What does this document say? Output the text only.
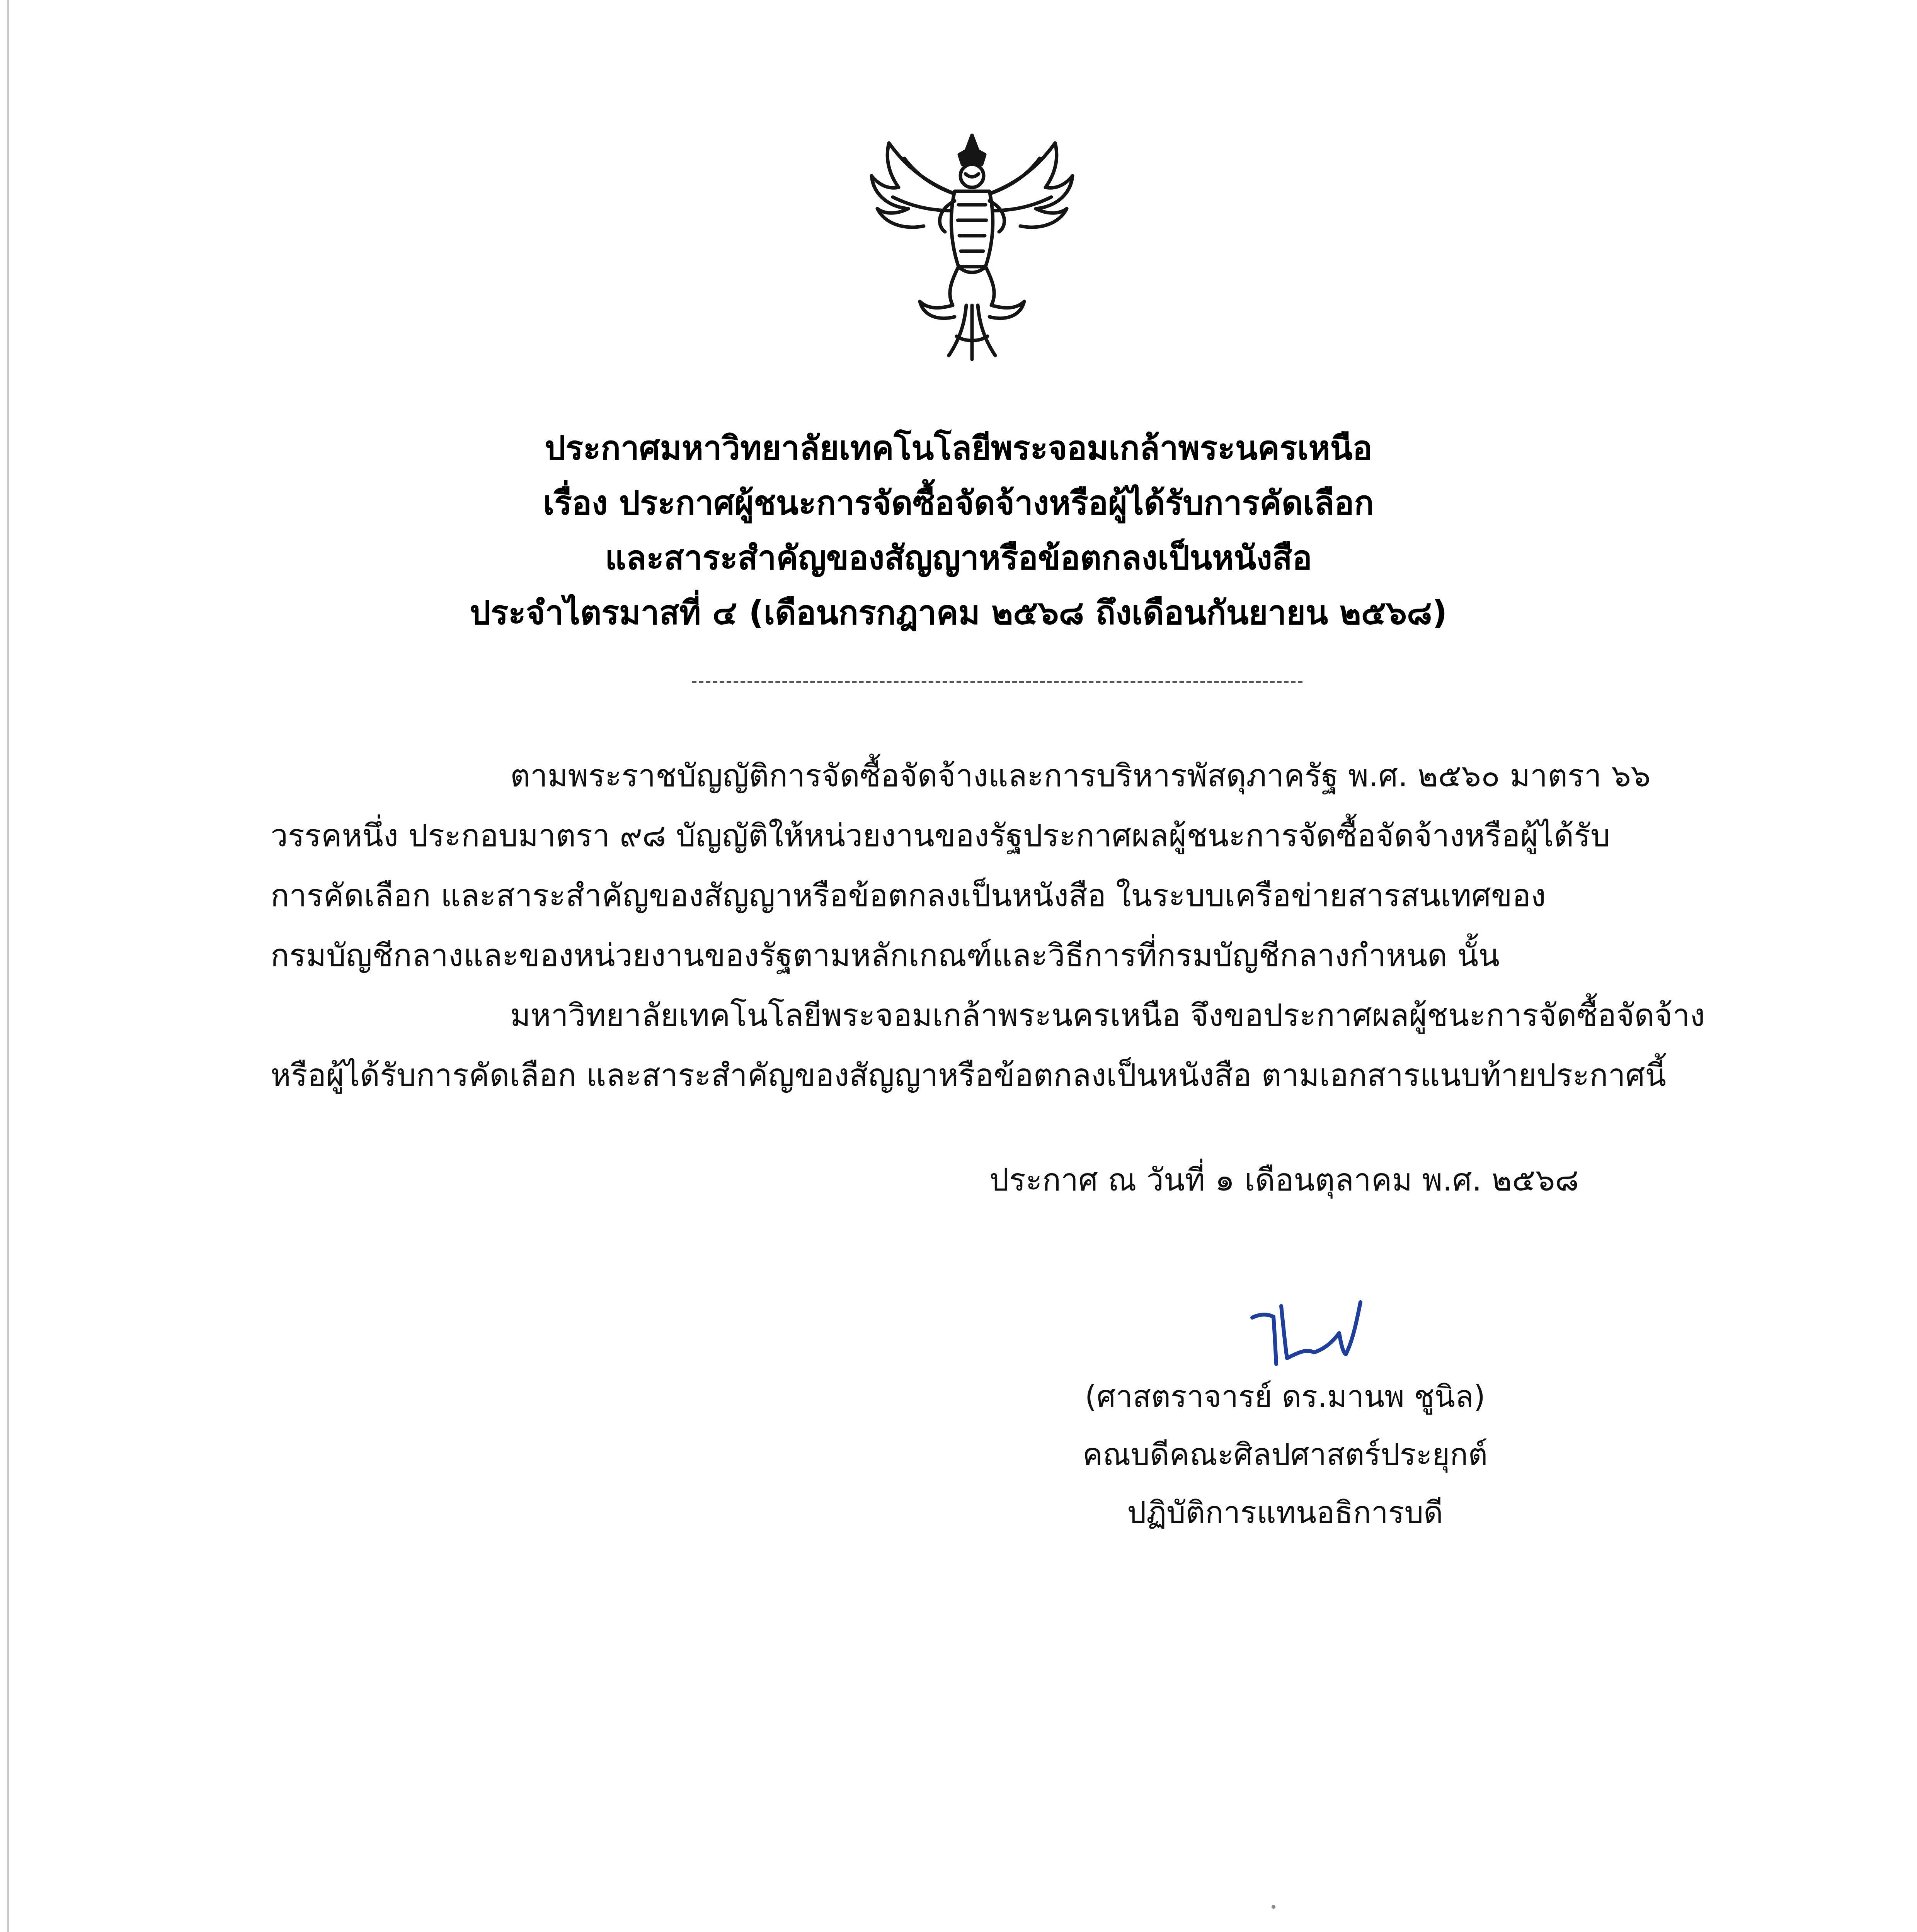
ประกาศมหาวิทยาลัยเทคโนโลยีพระจอมเกล้าพระนครเหนือ
เรื่อง ประกาศผู้ชนะการจัดซื้อจัดจ้างหรือผู้ได้รับการคัดเลือก
และสาระสำคัญของสัญญาหรือข้อตกลงเป็นหนังสือ
ประจำไตรมาสที่ ๔ (เดือนกรกฎาคม ๒๕๖๘ ถึงเดือนกันยายน ๒๕๖๘)
ตามพระราชบัญญัติการจัดซื้อจัดจ้างและการบริหารพัสดุภาครัฐ พ.ศ. ๒๕๖๐ มาตรา ๖๖
วรรคหนึ่ง ประกอบมาตรา ๙๘ บัญญัติให้หน่วยงานของรัฐประกาศผลผู้ชนะการจัดซื้อจัดจ้างหรือผู้ได้รับ
การคัดเลือก และสาระสำคัญของสัญญาหรือข้อตกลงเป็นหนังสือ ในระบบเครือข่ายสารสนเทศของ
กรมบัญชีกลางและของหน่วยงานของรัฐตามหลักเกณฑ์และวิธีการที่กรมบัญชีกลางกำหนด นั้น
มหาวิทยาลัยเทคโนโลยีพระจอมเกล้าพระนครเหนือ จึงขอประกาศผลผู้ชนะการจัดซื้อจัดจ้าง
หรือผู้ได้รับการคัดเลือก และสาระสำคัญของสัญญาหรือข้อตกลงเป็นหนังสือ ตามเอกสารแนบท้ายประกาศนี้
ประกาศ ณ วันที่ ๑ เดือนตุลาคม พ.ศ. ๒๕๖๘
(ศาสตราจารย์ ดร.มานพ ชูนิล)
คณบดีคณะศิลปศาสตร์ประยุกต์
ปฏิบัติการแทนอธิการบดี
